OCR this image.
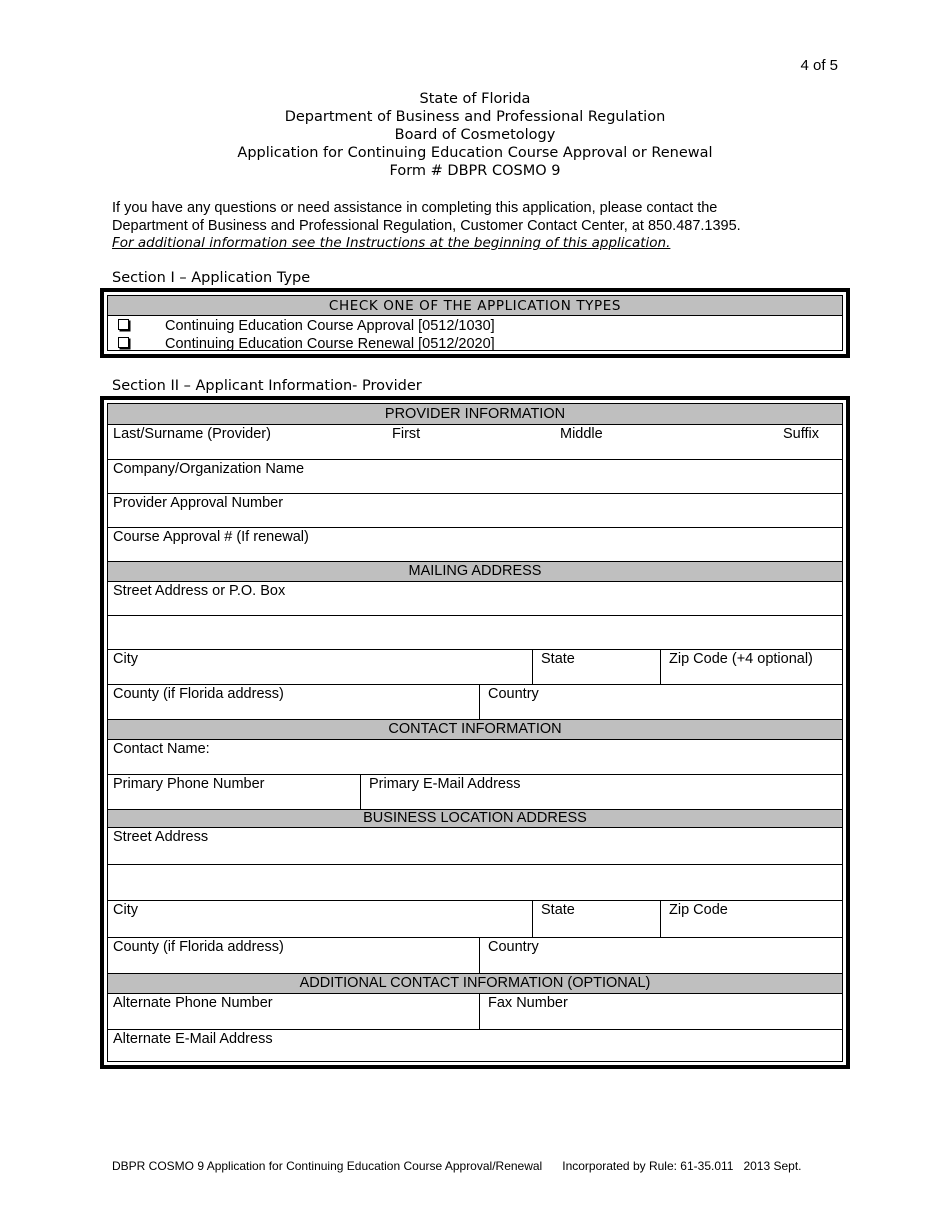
4 of 5
State of Florida
Department of Business and Professional Regulation
Board of Cosmetology
Application for Continuing Education Course Approval or Renewal
Form # DBPR COSMO 9
If you have any questions or need assistance in completing this application, please contact the
Department of Business and Professional Regulation, Customer Contact Center, at 850.487.1395.
For additional information see the Instructions at the beginning of this application.
Section I – Application Type
CHECK ONE OF THE APPLICATION TYPES
Continuing Education Course Approval [0512/1030]
Continuing Education Course Renewal [0512/2020]
Section II – Applicant Information- Provider
PROVIDER INFORMATION
Last/Surname (Provider)	First	Middle	Suffix
Company/Organization Name
Provider Approval Number
Course Approval # (If renewal)
MAILING ADDRESS
Street Address or P.O. Box
City	State	Zip Code (+4 optional)
County (if Florida address)	Country
CONTACT INFORMATION
Contact Name:
Primary Phone Number	Primary E-Mail Address
BUSINESS LOCATION ADDRESS
Street Address
City	State	Zip Code
County (if Florida address)	Country
ADDITIONAL CONTACT INFORMATION (OPTIONAL)
Alternate Phone Number	Fax Number
Alternate E-Mail Address
DBPR COSMO 9 Application for Continuing Education Course Approval/Renewal      Incorporated by Rule: 61-35.011   2013 Sept.
